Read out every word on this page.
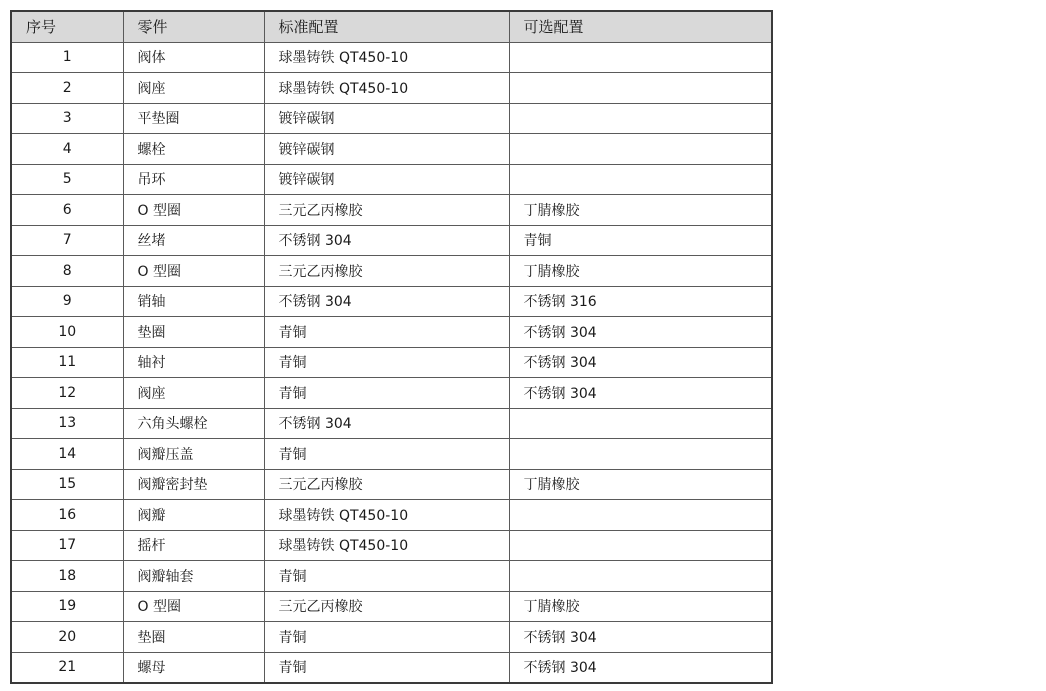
序号	零件	标准配置	可选配置
1	阀体	球墨铸铁 QT450-10	
2	阀座	球墨铸铁 QT450-10	
3	平垫圈	镀锌碳钢	
4	螺栓	镀锌碳钢	
5	吊环	镀锌碳钢	
6	O 型圈	三元乙丙橡胶	丁腈橡胶
7	丝堵	不锈钢 304	青铜
8	O 型圈	三元乙丙橡胶	丁腈橡胶
9	销轴	不锈钢 304	不锈钢 316
10	垫圈	青铜	不锈钢 304
11	轴衬	青铜	不锈钢 304
12	阀座	青铜	不锈钢 304
13	六角头螺栓	不锈钢 304	
14	阀瓣压盖	青铜	
15	阀瓣密封垫	三元乙丙橡胶	丁腈橡胶
16	阀瓣	球墨铸铁 QT450-10	
17	摇杆	球墨铸铁 QT450-10	
18	阀瓣轴套	青铜	
19	O 型圈	三元乙丙橡胶	丁腈橡胶
20	垫圈	青铜	不锈钢 304
21	螺母	青铜	不锈钢 304
